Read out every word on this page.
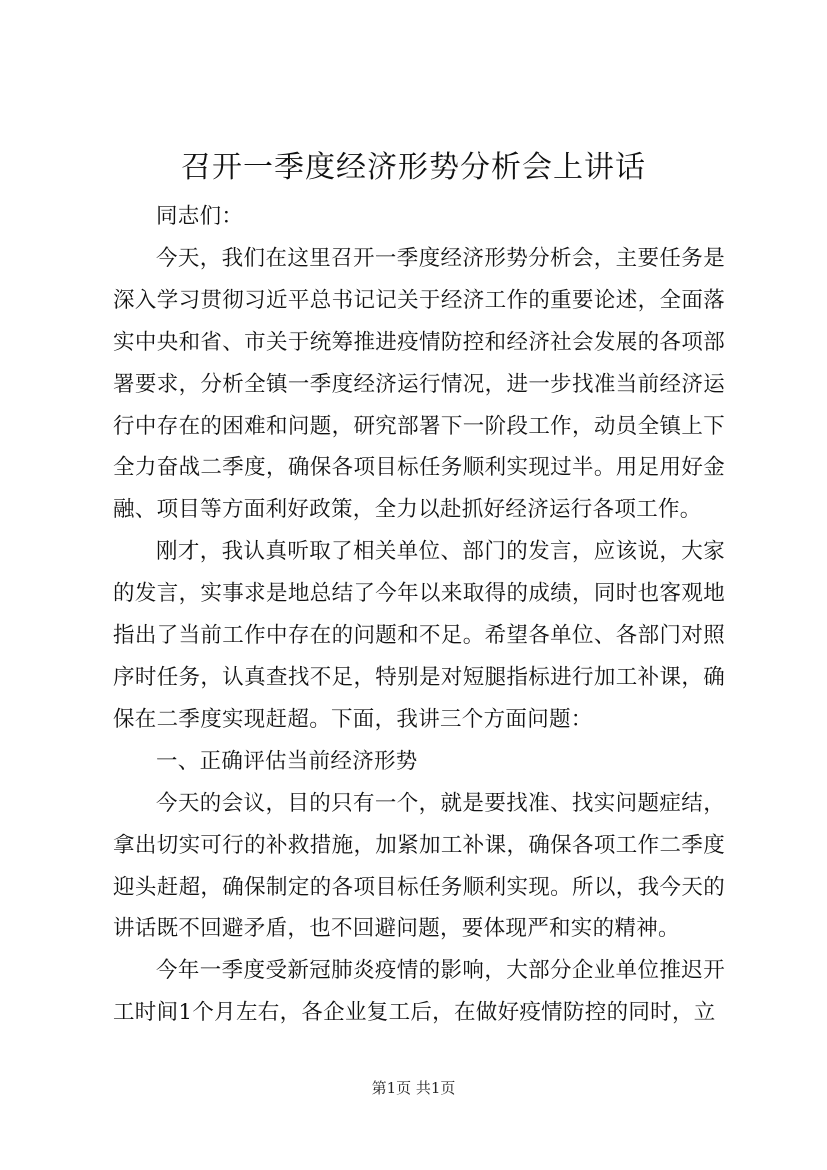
召开一季度经济形势分析会上讲话

同志们：

今天，我们在这里召开一季度经济形势分析会，主要任务是深入学习贯彻习近平总书记记关于经济工作的重要论述，全面落实中央和省、市关于统筹推进疫情防控和经济社会发展的各项部署要求，分析全镇一季度经济运行情况，进一步找准当前经济运行中存在的困难和问题，研究部署下一阶段工作，动员全镇上下全力奋战二季度，确保各项目标任务顺利实现过半。用足用好金融、项目等方面利好政策，全力以赴抓好经济运行各项工作。

刚才，我认真听取了相关单位、部门的发言，应该说，大家的发言，实事求是地总结了今年以来取得的成绩，同时也客观地指出了当前工作中存在的问题和不足。希望各单位、各部门对照序时任务，认真查找不足，特别是对短腿指标进行加工补课，确保在二季度实现赶超。下面，我讲三个方面问题：

一、正确评估当前经济形势

今天的会议，目的只有一个，就是要找准、找实问题症结，拿出切实可行的补救措施，加紧加工补课，确保各项工作二季度迎头赶超，确保制定的各项目标任务顺利实现。所以，我今天的讲话既不回避矛盾，也不回避问题，要体现严和实的精神。

今年一季度受新冠肺炎疫情的影响，大部分企业单位推迟开工时间1个月左右，各企业复工后，在做好疫情防控的同时，立

第1页 共1页
